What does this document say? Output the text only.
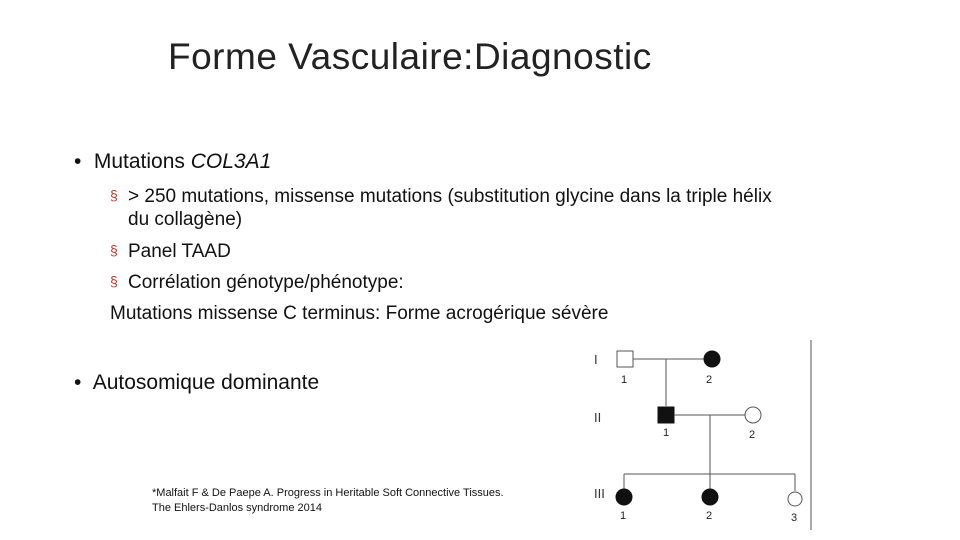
Forme Vasculaire:Diagnostic
• Mutations COL3A1
§ > 250 mutations, missense mutations (substitution glycine dans la triple hélix
du collagène)
§ Panel TAAD
§ Corrélation génotype/phénotype:
Mutations missense C terminus: Forme acrogérique sévère
• Autosomique dominante
*Malfait F & De Paepe A. Progress in Heritable Soft Connective Tissues.
The Ehlers-Danlos syndrome 2014
I
II
III
1	2
1	2
1	2	3
